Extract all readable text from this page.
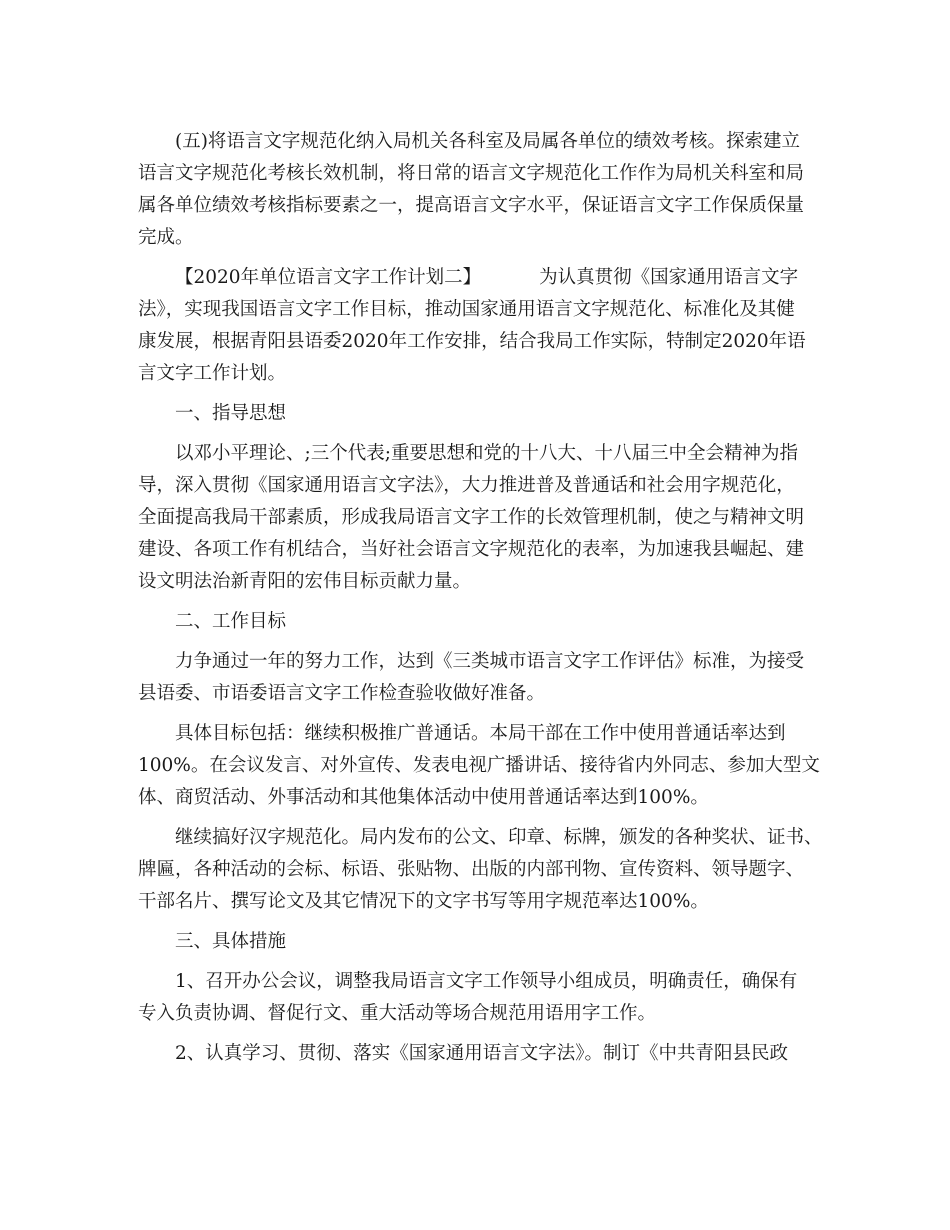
(五)将语言文字规范化纳入局机关各科室及局属各单位的绩效考核。探索建立
语言文字规范化考核长效机制，将日常的语言文字规范化工作作为局机关科室和局
属各单位绩效考核指标要素之一，提高语言文字水平，保证语言文字工作保质保量
完成。

【2020年单位语言文字工作计划二】	为认真贯彻《国家通用语言文字
法》，实现我国语言文字工作目标，推动国家通用语言文字规范化、标准化及其健
康发展，根据青阳县语委2020年工作安排，结合我局工作实际，特制定2020年语
言文字工作计划。

一、指导思想

以邓小平理论、;三个代表;重要思想和党的十八大、十八届三中全会精神为指
导，深入贯彻《国家通用语言文字法》，大力推进普及普通话和社会用字规范化，
全面提高我局干部素质，形成我局语言文字工作的长效管理机制，使之与精神文明
建设、各项工作有机结合，当好社会语言文字规范化的表率，为加速我县崛起、建
设文明法治新青阳的宏伟目标贡献力量。

二、工作目标

力争通过一年的努力工作，达到《三类城市语言文字工作评估》标准，为接受
县语委、市语委语言文字工作检查验收做好准备。

具体目标包括：继续积极推广普通话。本局干部在工作中使用普通话率达到
100%。在会议发言、对外宣传、发表电视广播讲话、接待省内外同志、参加大型文
体、商贸活动、外事活动和其他集体活动中使用普通话率达到100%。

继续搞好汉字规范化。局内发布的公文、印章、标牌，颁发的各种奖状、证书、
牌匾，各种活动的会标、标语、张贴物、出版的内部刊物、宣传资料、领导题字、
干部名片、撰写论文及其它情况下的文字书写等用字规范率达100%。

三、具体措施

1、召开办公会议，调整我局语言文字工作领导小组成员，明确责任，确保有
专入负责协调、督促行文、重大活动等场合规范用语用字工作。

2、认真学习、贯彻、落实《国家通用语言文字法》。制订《中共青阳县民政
